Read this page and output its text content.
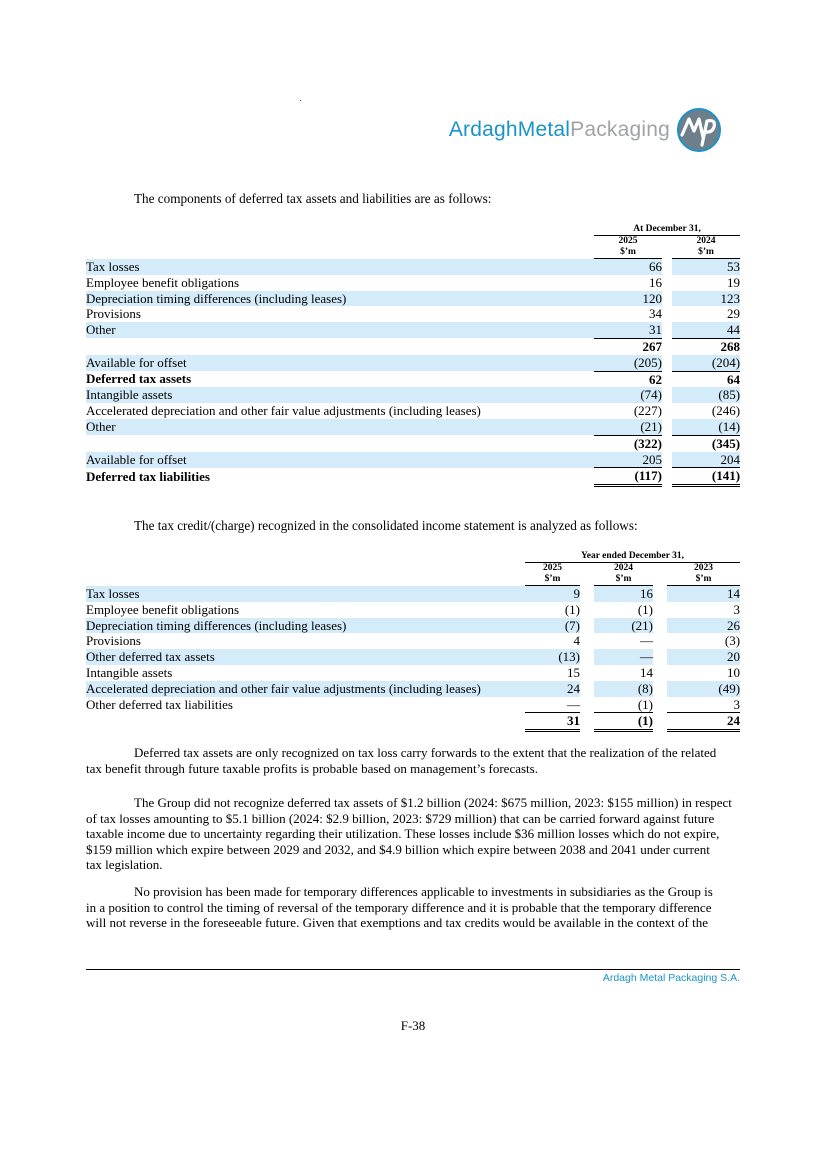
ArdaghMetalPackaging
The components of deferred tax assets and liabilities are as follows:
	At December 31,		
	2025		2024
	$’m		$’m
Tax losses	66		53
Employee benefit obligations	16		19
Depreciation timing differences (including leases)	120		123
Provisions	34		29
Other	31		44
	267		268
Available for offset	(205)		(204)
Deferred tax assets	62		64
Intangible assets	(74)		(85)
Accelerated depreciation and other fair value adjustments (including leases)	(227)		(246)
Other	(21)		(14)
	(322)		(345)
Available for offset	205		204
Deferred tax liabilities	(117)		(141)
The tax credit/(charge) recognized in the consolidated income statement is analyzed as follows:
	Year ended December 31,				
	2025		2024		2023
	$’m		$’m		$’m
Tax losses	9		16		14
Employee benefit obligations	(1)		(1)		3
Depreciation timing differences (including leases)	(7)		(21)		26
Provisions	4		—		(3)
Other deferred tax assets	(13)		—		20
Intangible assets	15		14		10
Accelerated depreciation and other fair value adjustments (including leases)	24		(8)		(49)
Other deferred tax liabilities	—		(1)		3
	31		(1)		24
Deferred tax assets are only recognized on tax loss carry forwards to the extent that the realization of the related
tax benefit through future taxable profits is probable based on management’s forecasts.
The Group did not recognize deferred tax assets of $1.2 billion (2024: $675 million, 2023: $155 million) in respect
of tax losses amounting to $5.1 billion (2024: $2.9 billion, 2023: $729 million) that can be carried forward against future
taxable income due to uncertainty regarding their utilization. These losses include $36 million losses which do not expire,
$159 million which expire between 2029 and 2032, and $4.9 billion which expire between 2038 and 2041 under current
tax legislation.
No provision has been made for temporary differences applicable to investments in subsidiaries as the Group is
in a position to control the timing of reversal of the temporary difference and it is probable that the temporary difference
will not reverse in the foreseeable future. Given that exemptions and tax credits would be available in the context of the
Ardagh Metal Packaging S.A.
F-38
